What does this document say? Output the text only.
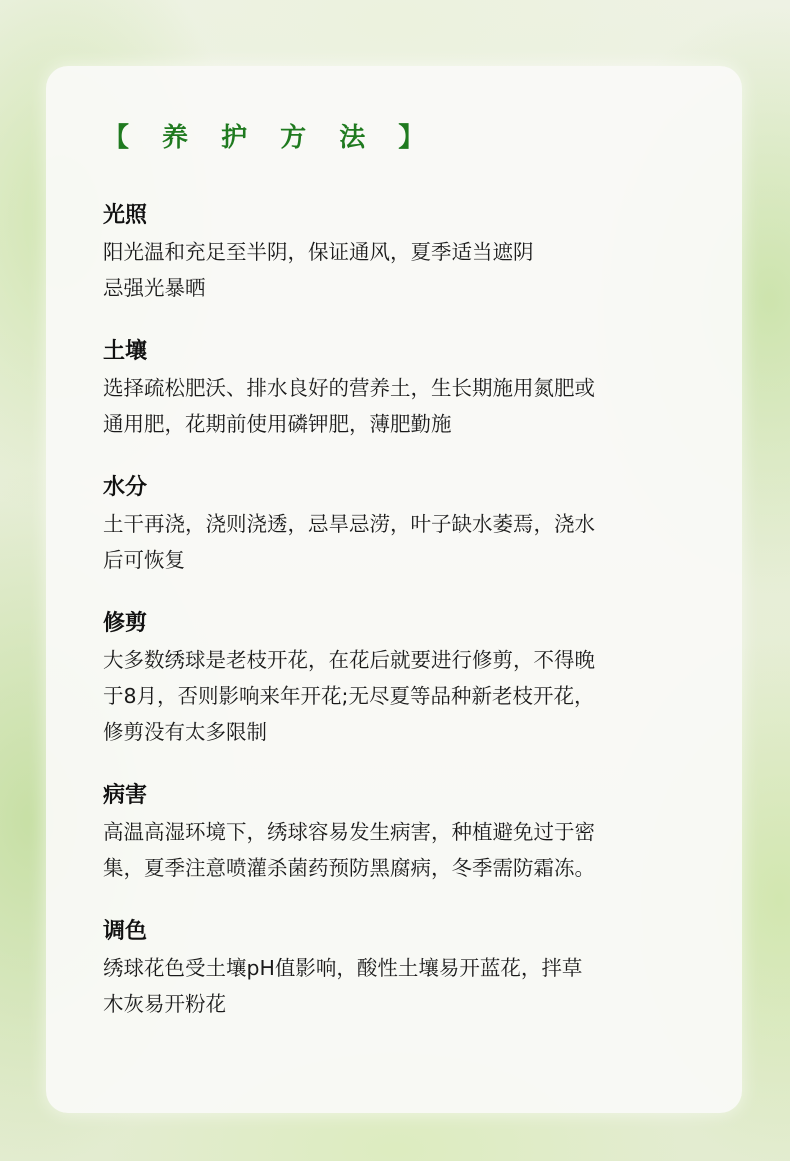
【 养 护 方 法 】

光照

阳光温和充足至半阴，保证通风，夏季适当遮阴

忌强光暴晒

土壤

选择疏松肥沃、排水良好的营养土，生长期施用氮肥或

通用肥，花期前使用磷钾肥，薄肥勤施

水分

土干再浇，浇则浇透，忌旱忌涝，叶子缺水萎焉，浇水

后可恢复

修剪

大多数绣球是老枝开花，在花后就要进行修剪，不得晚

于8月，否则影响来年开花;无尽夏等品种新老枝开花，

修剪没有太多限制

病害

高温高湿环境下，绣球容易发生病害，种植避免过于密

集，夏季注意喷灌杀菌药预防黑腐病，冬季需防霜冻。

调色

绣球花色受土壤pH值影响，酸性土壤易开蓝花，拌草

木灰易开粉花
